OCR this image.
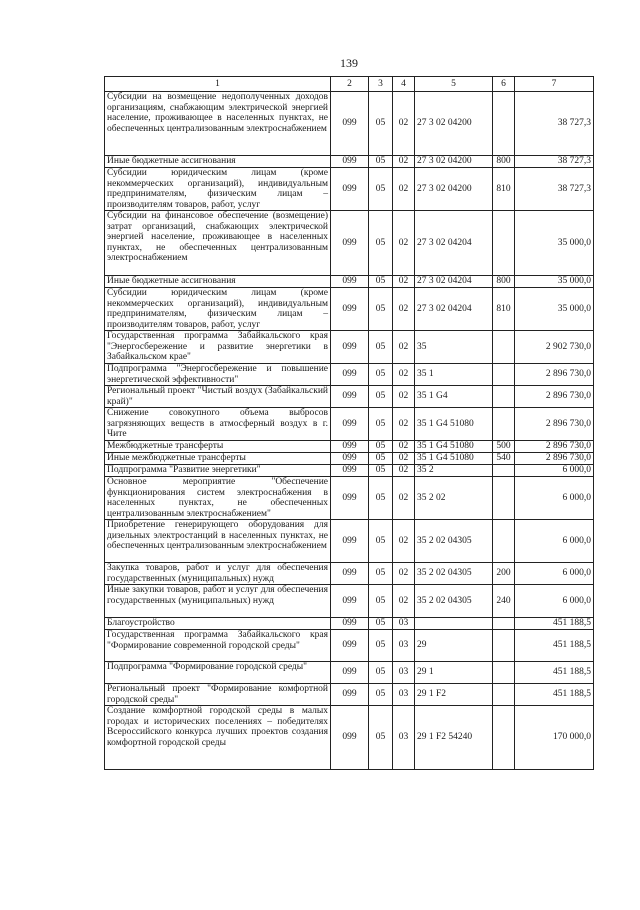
139
1	2	3	4	5	6	7
Субсидии на возмещение недополученных доходов организациям, снабжающим электрической энергией население, проживающее в населенных пунктах, не обеспеченных централизованным электроснабжением	099	05	02	27 3 02 04200		38 727,3
Иные бюджетные ассигнования	099	05	02	27 3 02 04200	800	38 727,3
Субсидии юридическим лицам (кроме некоммерческих организаций), индивидуальным предпринимателям, физическим лицам – производителям товаров, работ, услуг	099	05	02	27 3 02 04200	810	38 727,3
Субсидии на финансовое обеспечение (возмещение) затрат организаций, снабжающих электрической энергией население, проживающее в населенных пунктах, не обеспеченных централизованным электроснабжением	099	05	02	27 3 02 04204		35 000,0
Иные бюджетные ассигнования	099	05	02	27 3 02 04204	800	35 000,0
Субсидии юридическим лицам (кроме некоммерческих организаций), индивидуальным предпринимателям, физическим лицам – производителям товаров, работ, услуг	099	05	02	27 3 02 04204	810	35 000,0
Государственная программа Забайкальского края "Энергосбережение и развитие энергетики в Забайкальском крае"	099	05	02	35		2 902 730,0
Подпрограмма "Энергосбережение и повышение энергетической эффективности"	099	05	02	35 1		2 896 730,0
Региональный проект "Чистый воздух (Забайкальский край)"	099	05	02	35 1 G4		2 896 730,0
Снижение совокупного объема выбросов загрязняющих веществ в атмосферный воздух в г. Чите	099	05	02	35 1 G4 51080		2 896 730,0
Межбюджетные трансферты	099	05	02	35 1 G4 51080	500	2 896 730,0
Иные межбюджетные трансферты	099	05	02	35 1 G4 51080	540	2 896 730,0
Подпрограмма "Развитие энергетики"	099	05	02	35 2		6 000,0
Основное мероприятие "Обеспечение функционирования систем электроснабжения в населенных пунктах, не обеспеченных централизованным электроснабжением"	099	05	02	35 2 02		6 000,0
Приобретение генерирующего оборудования для дизельных электростанций в населенных пунктах, не обеспеченных централизованным электроснабжением	099	05	02	35 2 02 04305		6 000,0
Закупка товаров, работ и услуг для обеспечения государственных (муниципальных) нужд	099	05	02	35 2 02 04305	200	6 000,0
Иные закупки товаров, работ и услуг для обеспечения государственных (муниципальных) нужд	099	05	02	35 2 02 04305	240	6 000,0
Благоустройство	099	05	03			451 188,5
Государственная программа Забайкальского края "Формирование современной городской среды"	099	05	03	29		451 188,5
Подпрограмма "Формирование городской среды"	099	05	03	29 1		451 188,5
Региональный проект "Формирование комфортной городской среды"	099	05	03	29 1 F2		451 188,5
Создание комфортной городской среды в малых городах и исторических поселениях – победителях Всероссийского конкурса лучших проектов создания комфортной городской среды	099	05	03	29 1 F2 54240		170 000,0
